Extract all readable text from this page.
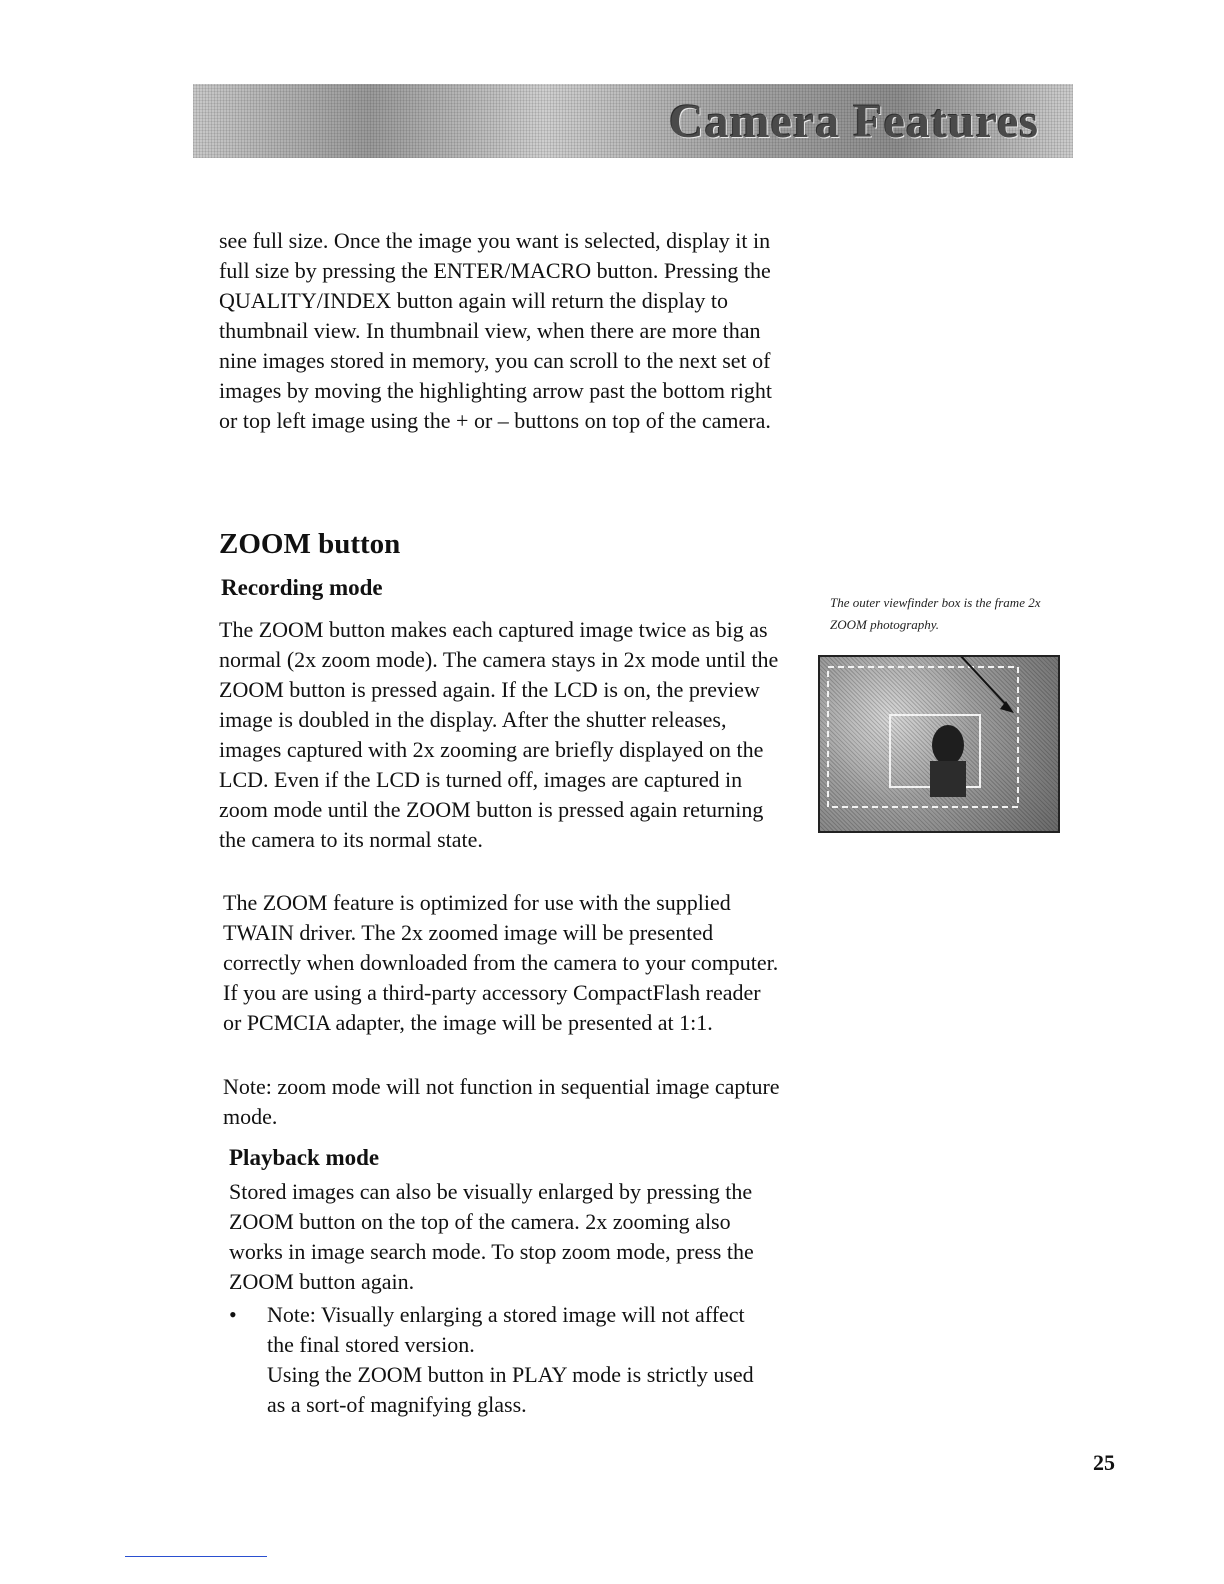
Camera Features
see full size. Once the image you want is selected, display it in full size by pressing the ENTER/MACRO button. Pressing the QUALITY/INDEX button again will return the display to thumbnail view. In thumbnail view, when there are more than nine images stored in memory, you can scroll to the next set of images by moving the highlighting arrow past the bottom right or top left image using the + or – buttons on top of the camera.
ZOOM button
Recording mode
The ZOOM button makes each captured image twice as big as normal (2x zoom mode). The camera stays in 2x mode until the ZOOM button is pressed again. If the LCD is on, the preview image is doubled in the display. After the shutter releases, images captured with 2x zooming are briefly displayed on the LCD. Even if the LCD is turned off, images are captured in zoom mode until the ZOOM button is pressed again returning the camera to its normal state.
The ZOOM feature is optimized for use with the supplied TWAIN driver. The 2x zoomed image will be presented correctly when downloaded from the camera to your computer. If you are using a third-party accessory CompactFlash reader or PCMCIA adapter, the image will be presented at 1:1.
Note: zoom mode will not function in sequential image capture mode.
Playback mode
Stored images can also be visually enlarged by pressing the ZOOM button on the top of the camera. 2x zooming also works in image search mode. To stop zoom mode, press the ZOOM button again.
• Note: Visually enlarging a stored image will not affect the final stored version.
Using the ZOOM button in PLAY mode is strictly used as a sort-of magnifying glass.
The outer viewfinder box is the frame 2x ZOOM photography.
25
